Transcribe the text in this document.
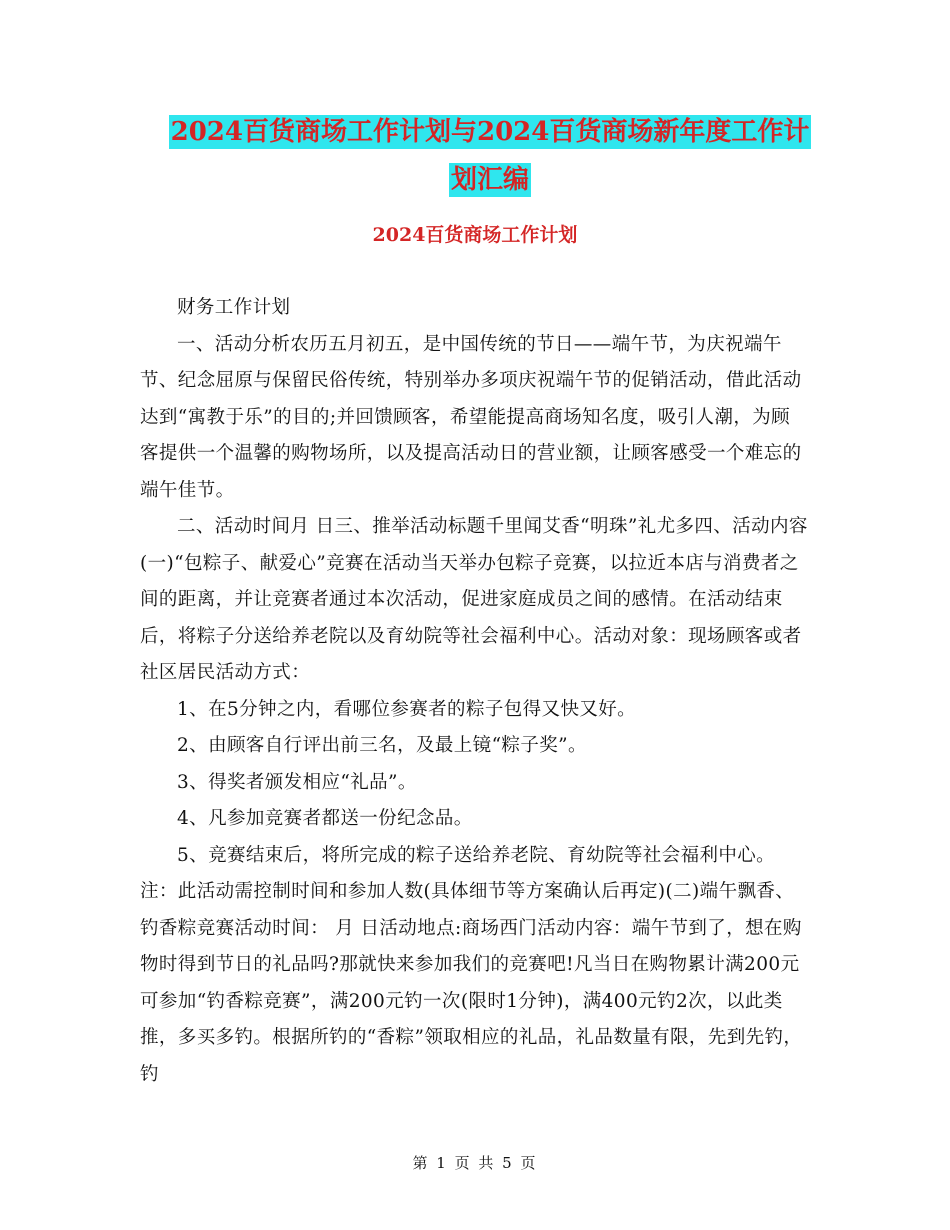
2024百货商场工作计划与2024百货商场新年度工作计
划汇编
2024百货商场工作计划

财务工作计划

一、活动分析农历五月初五，是中国传统的节日——端午节，为庆祝端午节、纪念屈原与保留民俗传统，特别举办多项庆祝端午节的促销活动，借此活动达到“寓教于乐”的目的;并回馈顾客，希望能提高商场知名度，吸引人潮，为顾客提供一个温馨的购物场所，以及提高活动日的营业额，让顾客感受一个难忘的端午佳节。

二、活动时间月 日三、推举活动标题千里闻艾香“明珠”礼尤多四、活动内容(一)“包粽子、献爱心”竞赛在活动当天举办包粽子竞赛，以拉近本店与消费者之间的距离，并让竞赛者通过本次活动，促进家庭成员之间的感情。在活动结束后，将粽子分送给养老院以及育幼院等社会福利中心。活动对象：现场顾客或者社区居民活动方式：

1、在5分钟之内，看哪位参赛者的粽子包得又快又好。

2、由顾客自行评出前三名，及最上镜“粽子奖”。

3、得奖者颁发相应“礼品”。

4、凡参加竞赛者都送一份纪念品。

5、竞赛结束后，将所完成的粽子送给养老院、育幼院等社会福利中心。注：此活动需控制时间和参加人数(具体细节等方案确认后再定)(二)端午飘香、钓香粽竞赛活动时间： 月 日活动地点:商场西门活动内容：端午节到了，想在购物时得到节日的礼品吗?那就快来参加我们的竞赛吧!凡当日在购物累计满200元可参加“钓香粽竞赛”，满200元钓一次(限时1分钟)，满400元钓2次，以此类推，多买多钓。根据所钓的“香粽”领取相应的礼品，礼品数量有限，先到先钓，钓

第 1 页 共 5 页
